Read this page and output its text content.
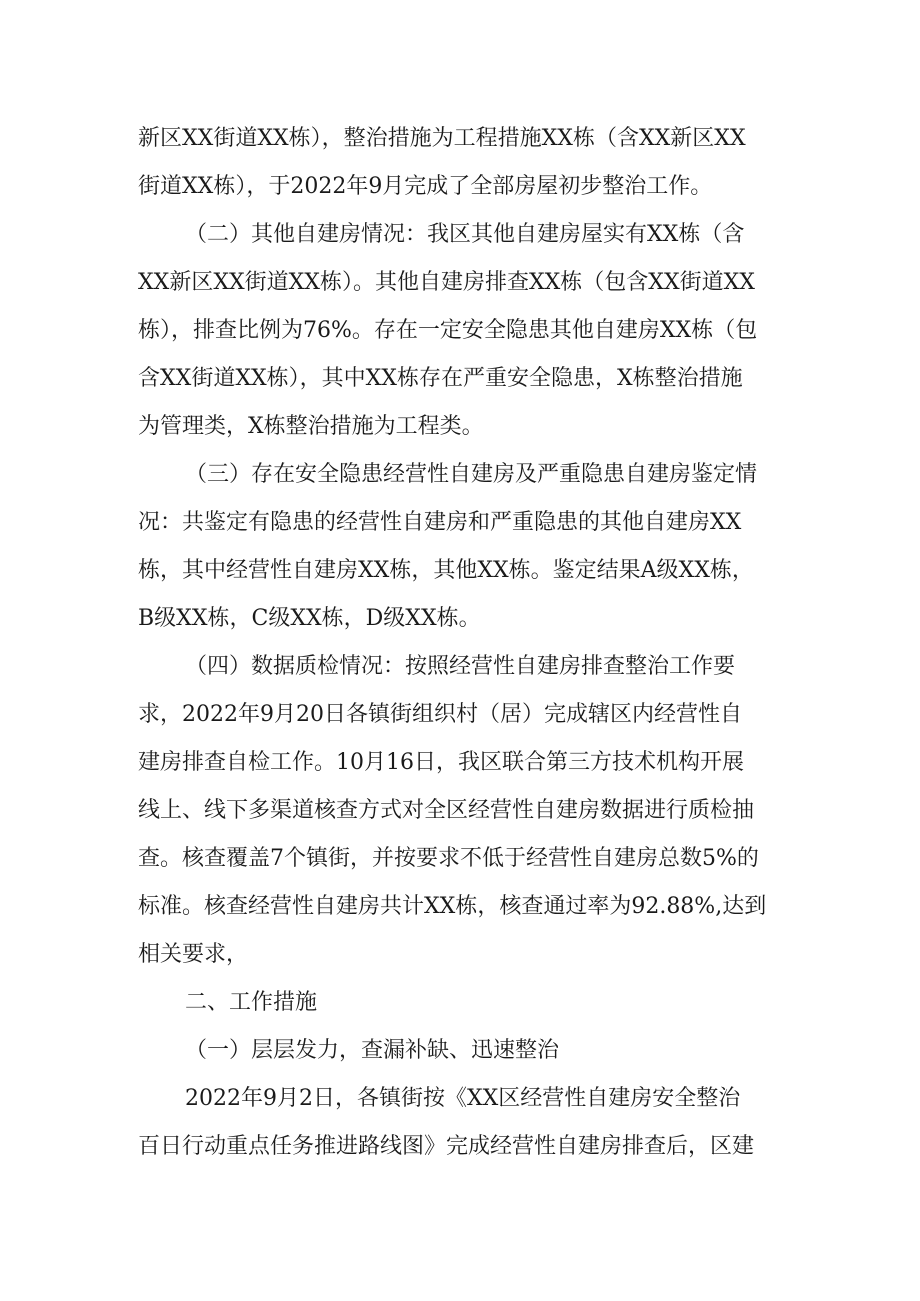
新区XX街道XX栋），整治措施为工程措施XX栋（含XX新区XX

街道XX栋），于2022年9月完成了全部房屋初步整治工作。

（二）其他自建房情况：我区其他自建房屋实有XX栋（含

XX新区XX街道XX栋）。其他自建房排查XX栋（包含XX街道XX

栋），排查比例为76%。存在一定安全隐患其他自建房XX栋（包

含XX街道XX栋），其中XX栋存在严重安全隐患，X栋整治措施

为管理类，X栋整治措施为工程类。

（三）存在安全隐患经营性自建房及严重隐患自建房鉴定情

况：共鉴定有隐患的经营性自建房和严重隐患的其他自建房XX

栋，其中经营性自建房XX栋，其他XX栋。鉴定结果A级XX栋，

B级XX栋，C级XX栋，D级XX栋。

（四）数据质检情况：按照经营性自建房排查整治工作要

求，2022年9月20日各镇街组织村（居）完成辖区内经营性自

建房排查自检工作。10月16日，我区联合第三方技术机构开展

线上、线下多渠道核查方式对全区经营性自建房数据进行质检抽

查。核查覆盖7个镇街，并按要求不低于经营性自建房总数5%的

标准。核查经营性自建房共计XX栋，核查通过率为92.88%,达到

相关要求，

二、工作措施

（一）层层发力，查漏补缺、迅速整治

2022年9月2日，各镇街按《XX区经营性自建房安全整治

百日行动重点任务推进路线图》完成经营性自建房排查后，区建
